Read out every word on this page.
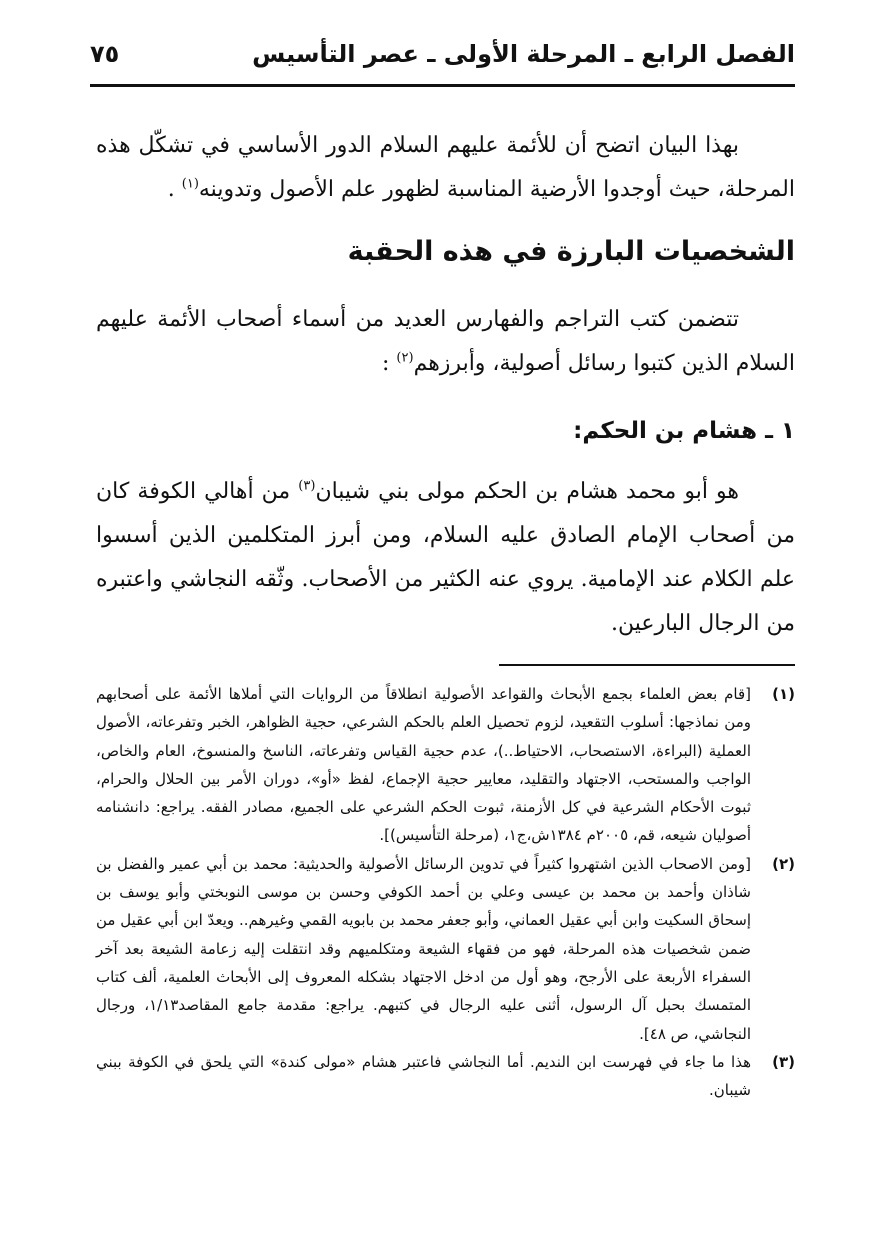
الفصل الرابع ـ المرحلة الأولى ـ عصر التأسيس
٧٥

بهذا البيان اتضح أن للأئمة عليهم السلام الدور الأساسي في تشكّل هذه المرحلة، حيث أوجدوا الأرضية المناسبة لظهور علم الأصول وتدوينه$^{(١)}$ .

الشخصيات البارزة في هذه الحقبة

تتضمن كتب التراجم والفهارس العديد من أسماء أصحاب الأئمة عليهم السلام الذين كتبوا رسائل أصولية، وأبرزهم$^{(٢)}$ :

١ ـ هشام بن الحكم:

هو أبو محمد هشام بن الحكم مولى بني شيبان$^{(٣)}$ من أهالي الكوفة كان من أصحاب الإمام الصادق عليه السلام، ومن أبرز المتكلمين الذين أسسوا علم الكلام عند الإمامية. يروي عنه الكثير من الأصحاب. وثّقه النجاشي واعتبره من الرجال البارعين.

(١)
[قام بعض العلماء بجمع الأبحاث والقواعد الأصولية انطلاقاً من الروايات التي أملاها الأئمة على أصحابهم ومن نماذجها: أسلوب التقعيد، لزوم تحصيل العلم بالحكم الشرعي، حجية الظواهر، الخبر وتفرعاته، الأصول العملية (البراءة، الاستصحاب، الاحتياط..)، عدم حجية القياس وتفرعاته، الناسخ والمنسوخ، العام والخاص، الواجب والمستحب، الاجتهاد والتقليد، معايير حجية الإجماع، لفظ «أو»، دوران الأمر بين الحلال والحرام، ثبوت الأحكام الشرعية في كل الأزمنة، ثبوت الحكم الشرعي على الجميع، مصادر الفقه. يراجع: دانشنامه أصوليان شيعه، قم، ٢٠٠٥م ١٣٨٤ش،ج١، (مرحلة التأسيس)].
(٢)
[ومن الاصحاب الذين اشتهروا كثيراً في تدوين الرسائل الأصولية والحديثية: محمد بن أبي عمير والفضل بن شاذان وأحمد بن محمد بن عيسى وعلي بن أحمد الكوفي وحسن بن موسى النوبختي وأبو يوسف بن إسحاق السكيت وابن أبي عقيل العماني، وأبو جعفر محمد بن بابويه القمي وغيرهم.. ويعدّ ابن أبي عقيل من ضمن شخصيات هذه المرحلة، فهو من فقهاء الشيعة ومتكلميهم وقد انتقلت إليه زعامة الشيعة بعد آخر السفراء الأربعة على الأرجح، وهو أول من ادخل الاجتهاد بشكله المعروف إلى الأبحاث العلمية، ألف كتاب المتمسك بحبل آل الرسول، أثنى عليه الرجال في كتبهم. يراجع: مقدمة جامع المقاصد١/١٣، ورجال النجاشي، ص ٤٨].
(٣)
هذا ما جاء في فهرست ابن النديم. أما النجاشي فاعتبر هشام «مولى كندة» التي يلحق في الكوفة ببني شيبان.
